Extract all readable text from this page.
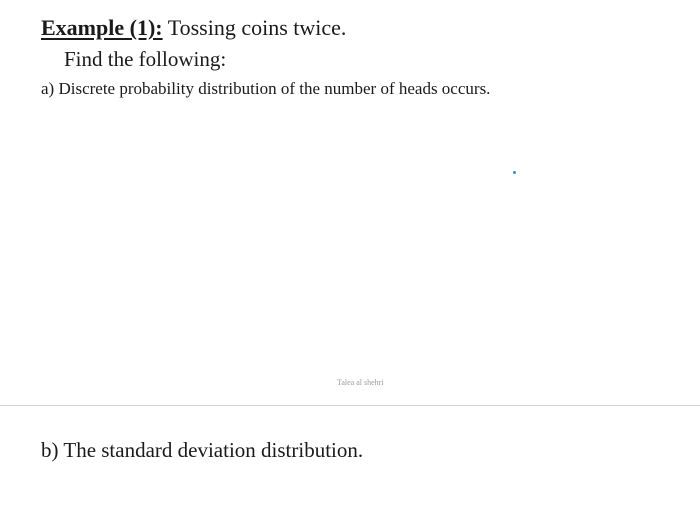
Example (1): Tossing coins twice.
Find the following:
a) Discrete probability distribution of the number of heads occurs.
Talea al shehri
b) The standard deviation distribution.
